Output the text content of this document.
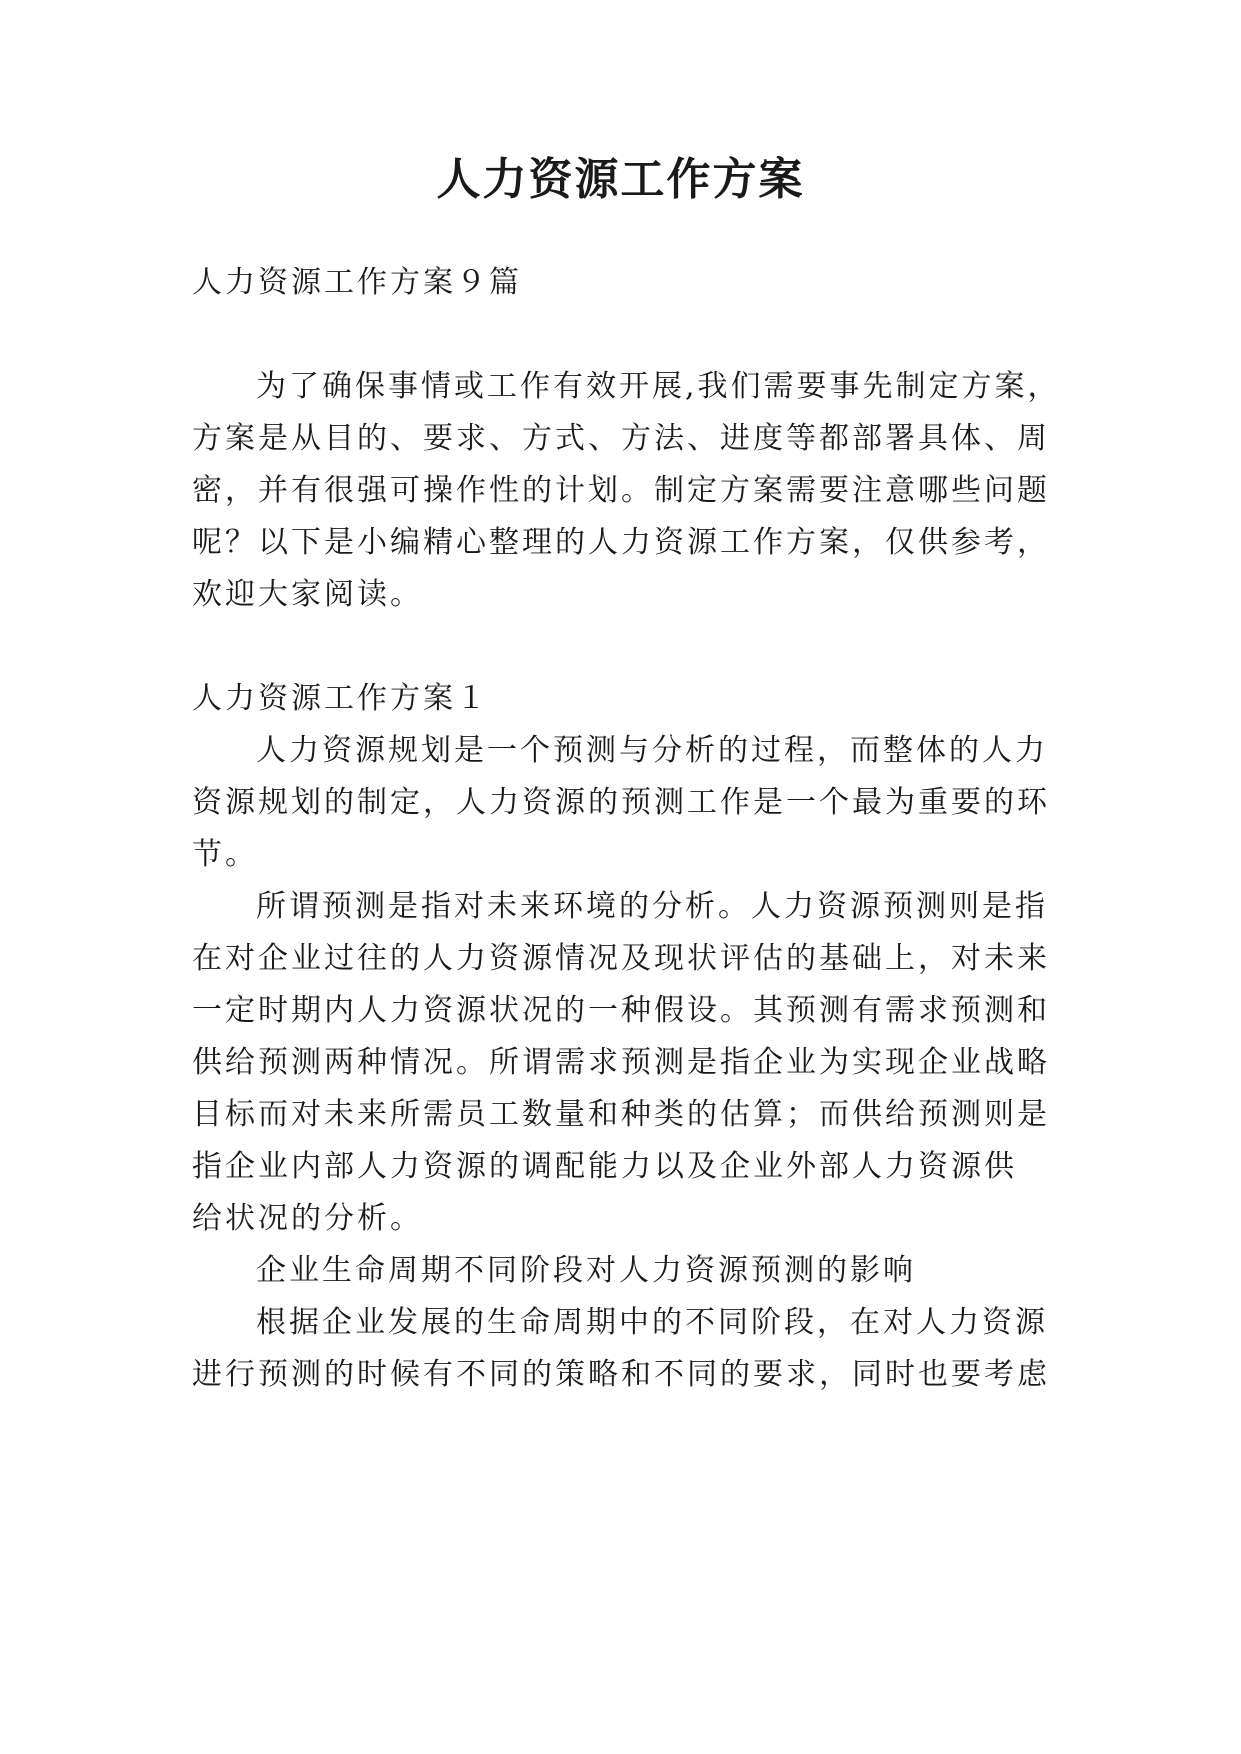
人力资源工作方案

人力资源工作方案９篇

为了确保事情或工作有效开展,我们需要事先制定方案，

方案是从目的、要求、方式、方法、进度等都部署具体、周

密，并有很强可操作性的计划。制定方案需要注意哪些问题

呢？以下是小编精心整理的人力资源工作方案，仅供参考，

欢迎大家阅读。

人力资源工作方案１

人力资源规划是一个预测与分析的过程，而整体的人力

资源规划的制定，人力资源的预测工作是一个最为重要的环

节。

所谓预测是指对未来环境的分析。人力资源预测则是指

在对企业过往的人力资源情况及现状评估的基础上，对未来

一定时期内人力资源状况的一种假设。其预测有需求预测和

供给预测两种情况。所谓需求预测是指企业为实现企业战略

目标而对未来所需员工数量和种类的估算；而供给预测则是

指企业内部人力资源的调配能力以及企业外部人力资源供

给状况的分析。

企业生命周期不同阶段对人力资源预测的影响

根据企业发展的生命周期中的不同阶段，在对人力资源

进行预测的时候有不同的策略和不同的要求，同时也要考虑
